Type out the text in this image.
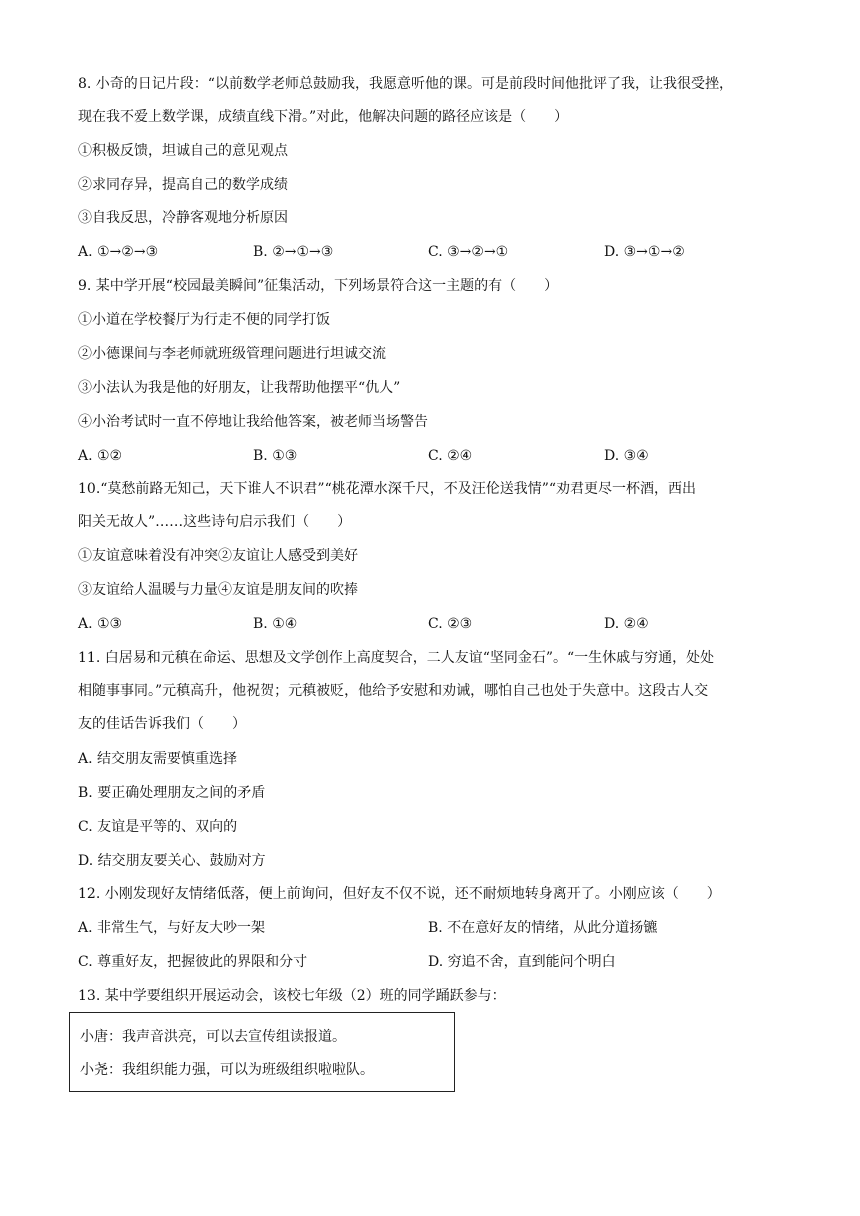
8. 小奇的日记片段：“以前数学老师总鼓励我，我愿意听他的课。可是前段时间他批评了我，让我很受挫，
现在我不爱上数学课，成绩直线下滑。”对此，他解决问题的路径应该是（　　）
①积极反馈，坦诚自己的意见观点
②求同存异，提高自己的数学成绩
③自我反思，冷静客观地分析原因
A. ①→②→③	B. ②→①→③	C. ③→②→①	D. ③→①→②
9. 某中学开展“校园最美瞬间”征集活动，下列场景符合这一主题的有（　　）
①小道在学校餐厅为行走不便的同学打饭
②小德课间与李老师就班级管理问题进行坦诚交流
③小法认为我是他的好朋友，让我帮助他摆平“仇人”
④小治考试时一直不停地让我给他答案，被老师当场警告
A. ①②	B. ①③	C. ②④	D. ③④
10.“莫愁前路无知己，天下谁人不识君”“桃花潭水深千尺，不及汪伦送我情”“劝君更尽一杯酒，西出
阳关无故人”……这些诗句启示我们（　　）
①友谊意味着没有冲突②友谊让人感受到美好
③友谊给人温暖与力量④友谊是朋友间的吹捧
A. ①③	B. ①④	C. ②③	D. ②④
11. 白居易和元稹在命运、思想及文学创作上高度契合，二人友谊“坚同金石”。“一生休戚与穷通，处处
相随事事同。”元稹高升，他祝贺；元稹被贬，他给予安慰和劝诫，哪怕自己也处于失意中。这段古人交
友的佳话告诉我们（　　）
A. 结交朋友需要慎重选择
B. 要正确处理朋友之间的矛盾
C. 友谊是平等的、双向的
D. 结交朋友要关心、鼓励对方
12. 小刚发现好友情绪低落，便上前询问，但好友不仅不说，还不耐烦地转身离开了。小刚应该（　　）
A. 非常生气，与好友大吵一架	B. 不在意好友的情绪，从此分道扬镳
C. 尊重好友，把握彼此的界限和分寸	D. 穷追不舍，直到能问个明白
13. 某中学要组织开展运动会，该校七年级（2）班的同学踊跃参与：
小唐：我声音洪亮，可以去宣传组读报道。
小尧：我组织能力强，可以为班级组织啦啦队。
